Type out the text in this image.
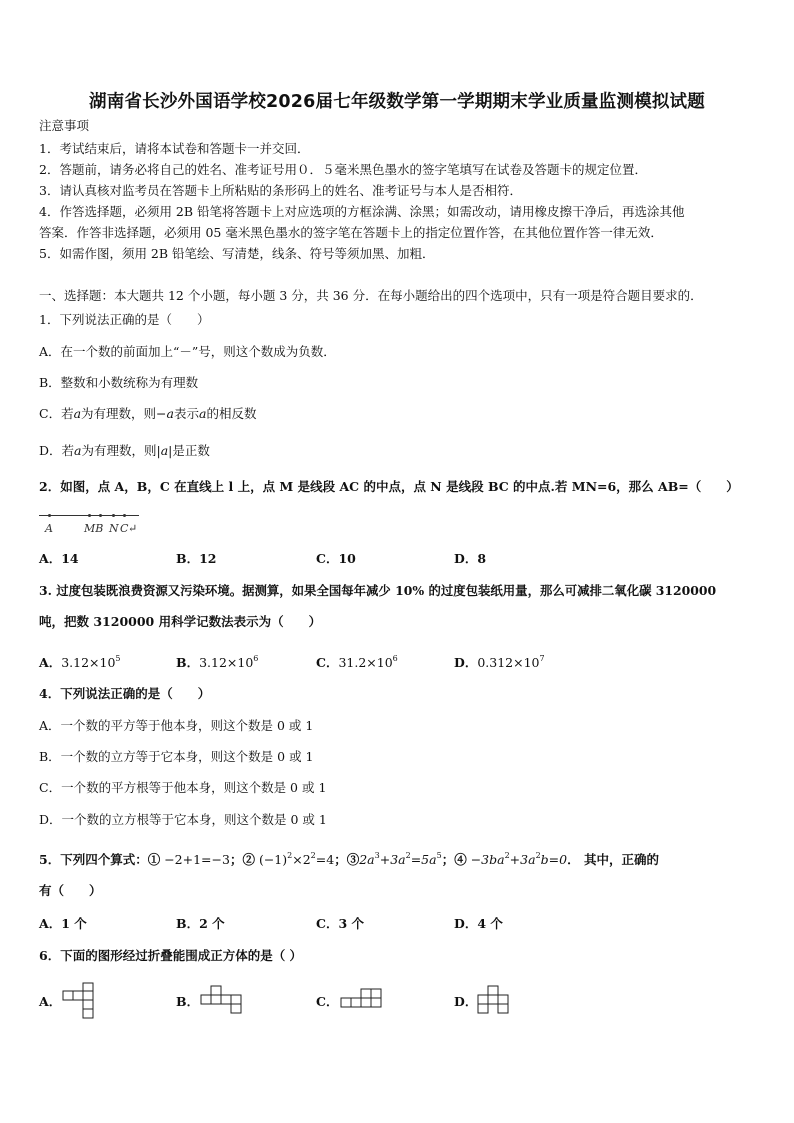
湖南省长沙外国语学校2026届七年级数学第一学期期末学业质量监测模拟试题
注意事项
1．考试结束后，请将本试卷和答题卡一并交回．
2．答题前，请务必将自己的姓名、准考证号用０．５毫米黑色墨水的签字笔填写在试卷及答题卡的规定位置．
3．请认真核对监考员在答题卡上所粘贴的条形码上的姓名、准考证号与本人是否相符．
4．作答选择题，必须用 2B 铅笔将答题卡上对应选项的方框涂满、涂黑；如需改动，请用橡皮擦干净后，再选涂其他
答案．作答非选择题，必须用 05 毫米黑色墨水的签字笔在答题卡上的指定位置作答，在其他位置作答一律无效．
5．如需作图，须用 2B 铅笔绘、写清楚，线条、符号等须加黑、加粗．
一、选择题：本大题共 12 个小题，每小题 3 分，共 36 分．在每小题给出的四个选项中，只有一项是符合题目要求的．
1．下列说法正确的是（　　）
A．在一个数的前面加上“－”号，则这个数成为负数．
B．整数和小数统称为有理数
C．若a为有理数，则−a表示a的相反数
D．若a为有理数，则|a|是正数
2．如图，点 A，B，C 在直线上 l 上，点 M 是线段 AC 的中点，点 N 是线段 BC 的中点.若 MN=6，那么 AB=（　　）
A	MB N C ↵
A．14	B．12	C．10	D．8
3. 过度包装既浪费资源又污染环境。据测算，如果全国每年减少 10% 的过度包装纸用量，那么可减排二氧化碳 3120000
吨，把数 3120000 用科学记数法表示为（　　）
A．$3.12\times 10^5$	B．$3.12\times 10^6$	C．$31.2\times 10^6$	D．$0.312\times 10^7$
4．下列说法正确的是（　　）
A．一个数的平方等于他本身，则这个数是 0 或 1
B．一个数的立方等于它本身，则这个数是 0 或 1
C．一个数的平方根等于他本身，则这个数是 0 或 1
D．一个数的立方根等于它本身，则这个数是 0 或 1
5．下列四个算式：① −2+1=−3；② $(-1)^2\times 2^2=4$；$③2a^3+3a^2=5a^5$；④ $-3ba^2+3a^2b=0$． 其中，正确的
有（　　）
A．1 个	B．2 个	C．3 个	D．4 个
6．下面的图形经过折叠能围成正方体的是（ ）
A．	B．	C．	D．
